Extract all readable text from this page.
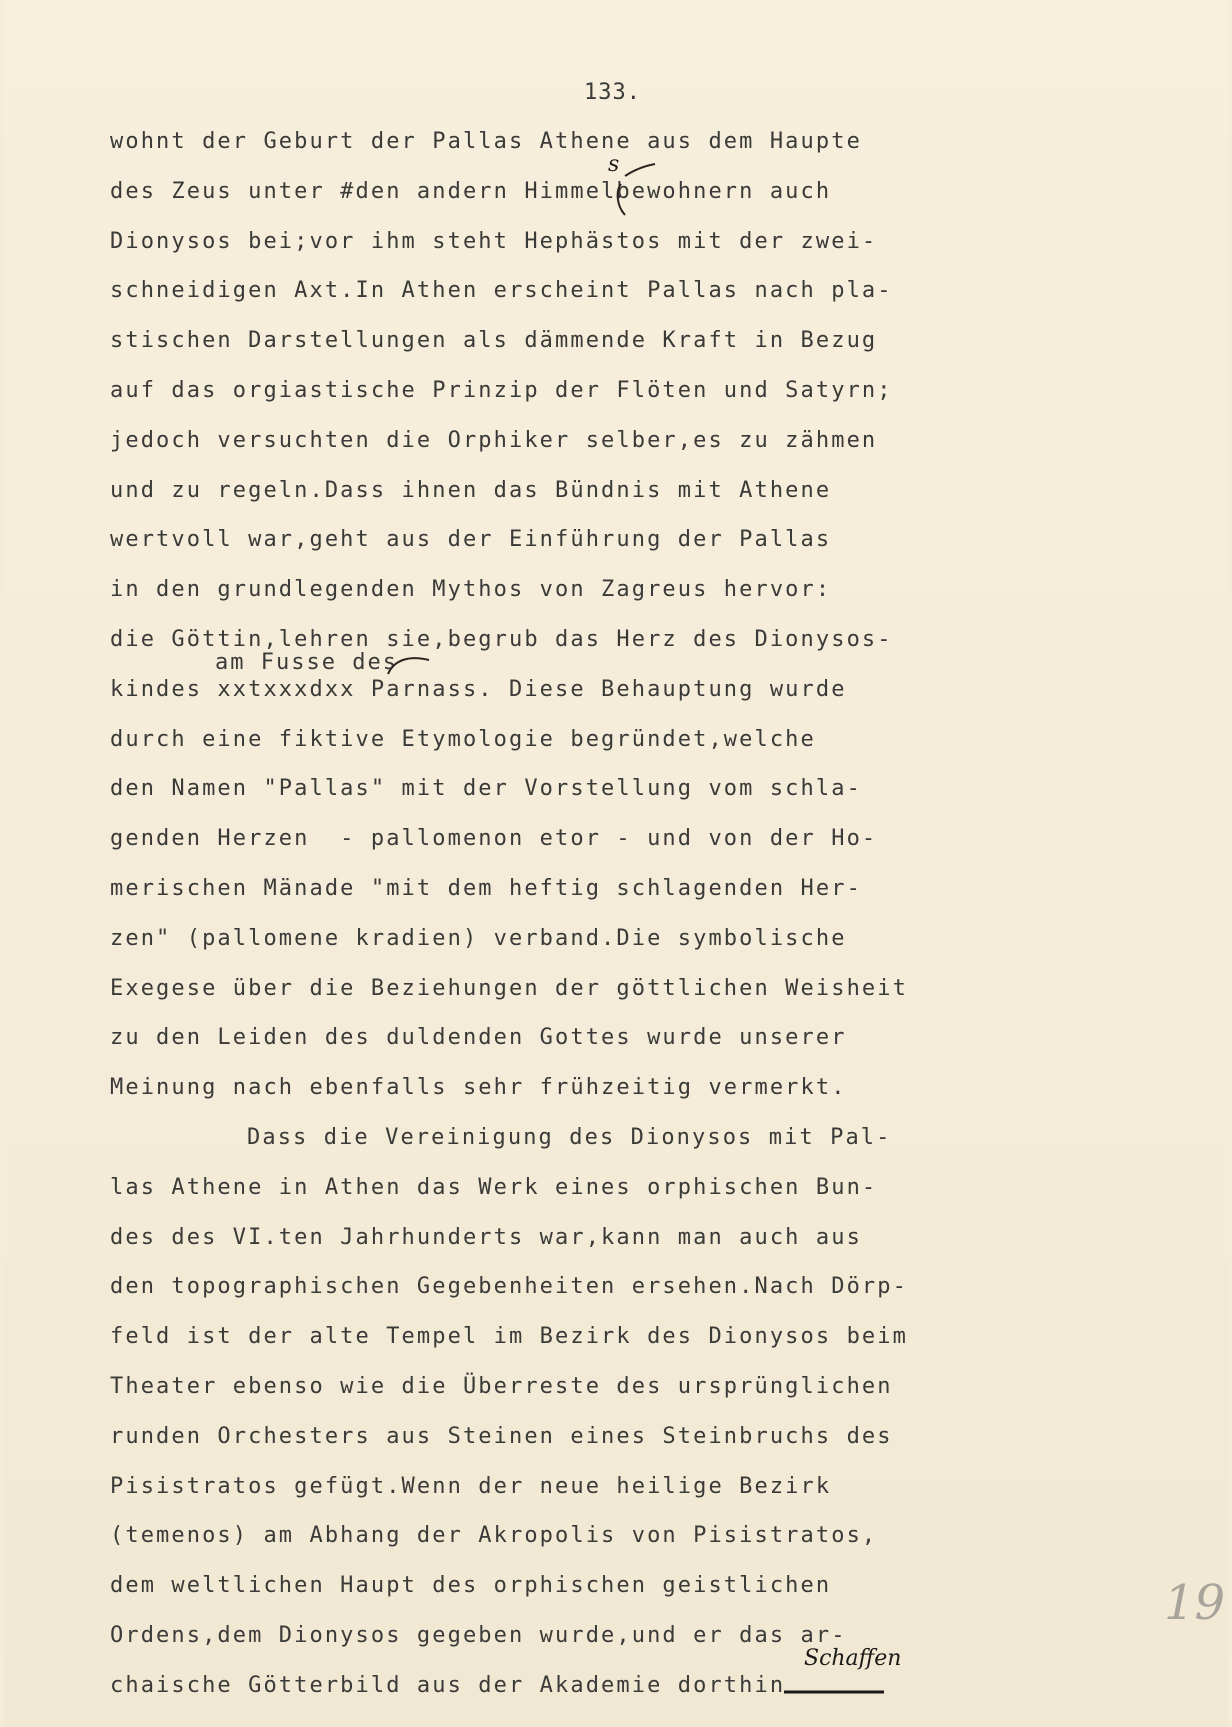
133.
wohnt der Geburt der Pallas Athene aus dem Haupte
des Zeus unter #den andern Himmelbewohnern auch
Dionysos bei;vor ihm steht Hephästos mit der zwei-
schneidigen Axt.In Athen erscheint Pallas nach pla-
stischen Darstellungen als dämmende Kraft in Bezug
auf das orgiastische Prinzip der Flöten und Satyrn;
jedoch versuchten die Orphiker selber,es zu zähmen
und zu regeln.Dass ihnen das Bündnis mit Athene
wertvoll war,geht aus der Einführung der Pallas
in den grundlegenden Mythos von Zagreus hervor:
die Göttin,lehren sie,begrub das Herz des Dionysos-
kindes xxtxxxdxx Parnass. Diese Behauptung wurde
durch eine fiktive Etymologie begründet,welche
den Namen "Pallas" mit der Vorstellung vom schla-
genden Herzen  - pallomenon etor - und von der Ho-
merischen Mänade "mit dem heftig schlagenden Her-
zen" (pallomene kradien) verband.Die symbolische
Exegese über die Beziehungen der göttlichen Weisheit
zu den Leiden des duldenden Gottes wurde unserer
Meinung nach ebenfalls sehr frühzeitig vermerkt.
Dass die Vereinigung des Dionysos mit Pal-
las Athene in Athen das Werk eines orphischen Bun-
des des VI.ten Jahrhunderts war,kann man auch aus
den topographischen Gegebenheiten ersehen.Nach Dörp-
feld ist der alte Tempel im Bezirk des Dionysos beim
Theater ebenso wie die Überreste des ursprünglichen
runden Orchesters aus Steinen eines Steinbruchs des
Pisistratos gefügt.Wenn der neue heilige Bezirk
(temenos) am Abhang der Akropolis von Pisistratos,
dem weltlichen Haupt des orphischen geistlichen
Ordens,dem Dionysos gegeben wurde,und er das ar-
chaische Götterbild aus der Akademie dorthin
am Fusse des
s
Schaffen
19
